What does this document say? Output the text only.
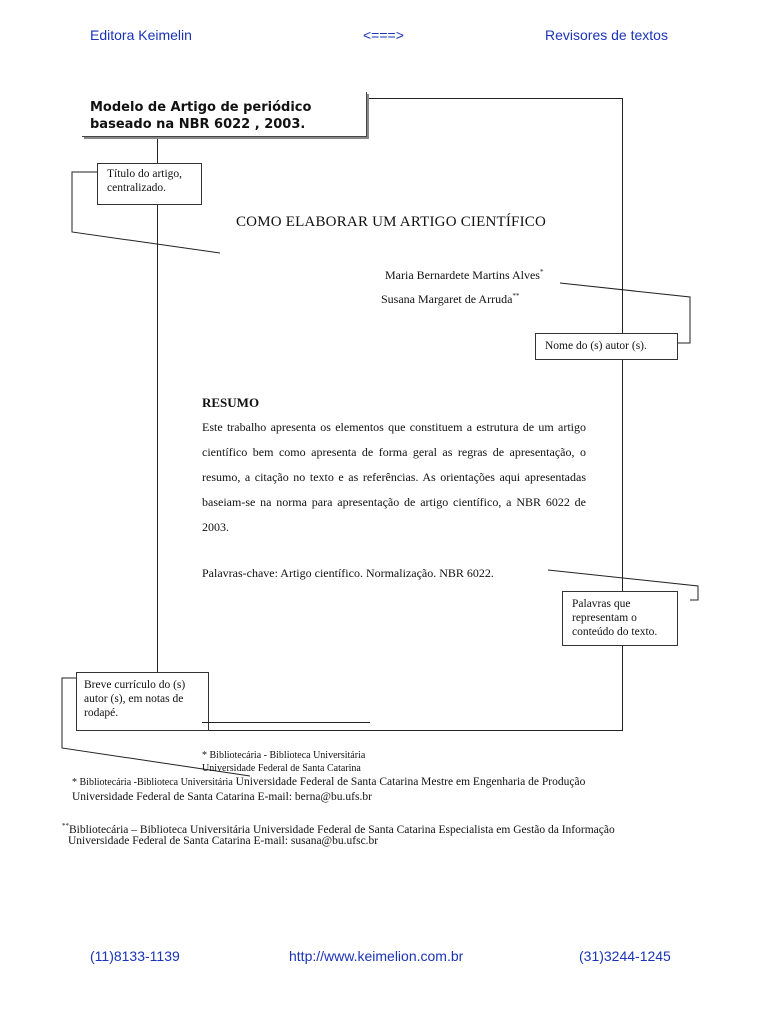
Editora Keimelin	<===>	Revisores de textos
Modelo de Artigo de periódico
baseado na NBR 6022 , 2003.
Título do artigo,
centralizado.
COMO ELABORAR UM ARTIGO CIENTÍFICO
Maria Bernardete Martins Alves*
Susana Margaret de Arruda**
Nome do (s) autor (s).
RESUMO
Este trabalho apresenta os elementos que constituem a estrutura de um artigo científico bem como apresenta de forma geral as regras de apresentação, o resumo, a citação no texto e as referências. As orientações aqui apresentadas baseiam-se na norma para apresentação de artigo científico, a NBR 6022 de 2003.
Palavras-chave: Artigo científico. Normalização. NBR 6022.
Palavras que
representam o
conteúdo do texto.
Breve currículo do (s)
autor (s), em notas de
rodapé.
* Bibliotecária - Biblioteca Universitária
Universidade Federal de Santa Catarina
* Bibliotecária -Biblioteca Universitária Universidade Federal de Santa Catarina Mestre em Engenharia de Produção
Universidade Federal de Santa Catarina E-mail: berna@bu.ufs.br
**Bibliotecária – Biblioteca Universitária Universidade Federal de Santa Catarina Especialista em Gestão da Informação
Universidade Federal de Santa Catarina E-mail: susana@bu.ufsc.br
(11)8133-1139	http://www.keimelion.com.br	(31)3244-1245
